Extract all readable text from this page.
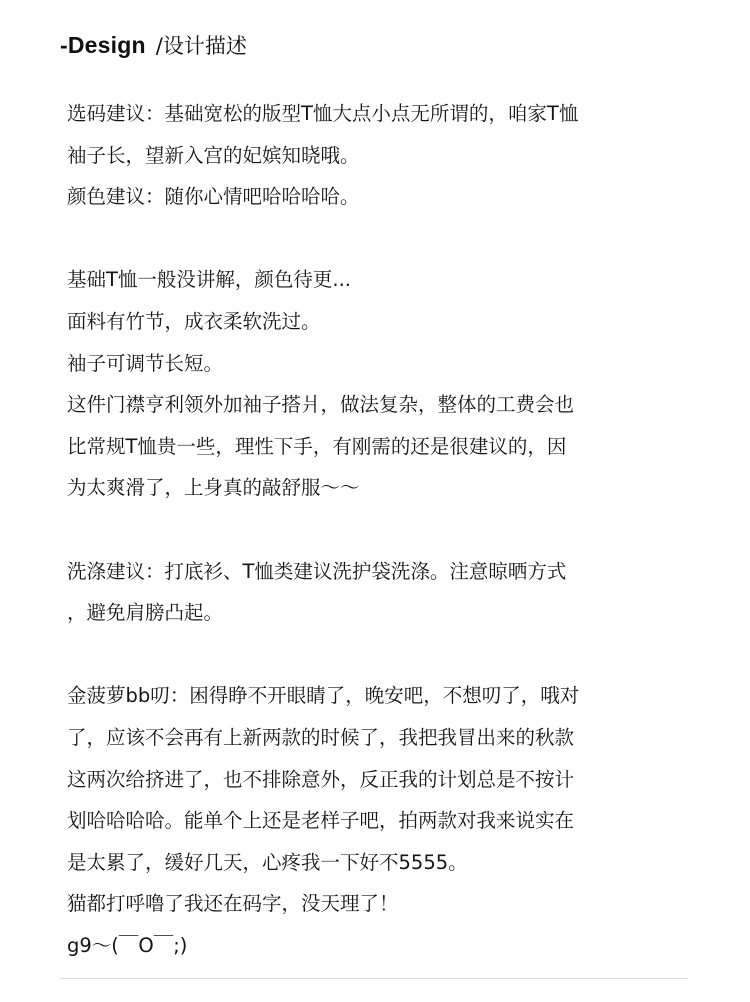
-Design /设计描述
选码建议：基础宽松的版型T恤大点小点无所谓的，咱家T恤
袖子长，望新入宫的妃嫔知晓哦。
颜色建议：随你心情吧哈哈哈哈。
基础T恤一般没讲解，颜色待更...
面料有竹节，成衣柔软洗过。
袖子可调节长短。
这件门襟亨利领外加袖子搭爿，做法复杂，整体的工费会也
比常规T恤贵一些，理性下手，有刚需的还是很建议的，因
为太爽滑了，上身真的敲舒服～～
洗涤建议：打底衫、T恤类建议洗护袋洗涤。注意晾晒方式
，避免肩膀凸起。
金菠萝bb叨：困得睁不开眼睛了，晚安吧，不想叨了，哦对
了，应该不会再有上新两款的时候了，我把我冒出来的秋款
这两次给挤进了，也不排除意外，反正我的计划总是不按计
划哈哈哈哈。能单个上还是老样子吧，拍两款对我来说实在
是太累了，缓好几天，心疼我一下好不5555。
猫都打呼噜了我还在码字，没天理了！
g9～(￣O￣;)
